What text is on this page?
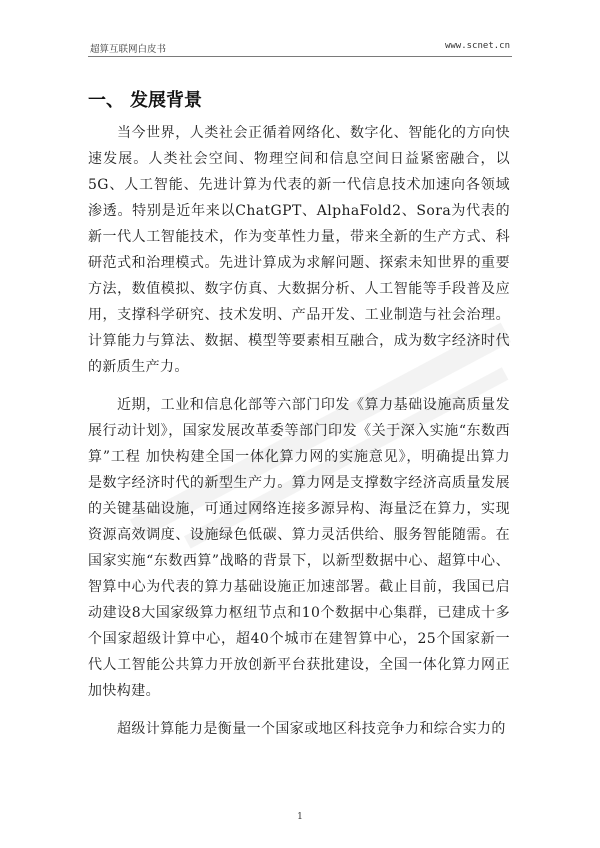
超算互联网白皮书	www.scnet.cn
一、 发展背景

当今世界，人类社会正循着网络化、数字化、智能化的方向快速发展。人类社会空间、物理空间和信息空间日益紧密融合，以5G、人工智能、先进计算为代表的新一代信息技术加速向各领域渗透。特别是近年来以ChatGPT、AlphaFold2、Sora为代表的新一代人工智能技术，作为变革性力量，带来全新的生产方式、科研范式和治理模式。先进计算成为求解问题、探索未知世界的重要方法，数值模拟、数字仿真、大数据分析、人工智能等手段普及应用，支撑科学研究、技术发明、产品开发、工业制造与社会治理。计算能力与算法、数据、模型等要素相互融合，成为数字经济时代的新质生产力。

近期，工业和信息化部等六部门印发《算力基础设施高质量发展行动计划》，国家发展改革委等部门印发《关于深入实施“东数西算”工程 加快构建全国一体化算力网的实施意见》，明确提出算力是数字经济时代的新型生产力。算力网是支撑数字经济高质量发展的关键基础设施，可通过网络连接多源异构、海量泛在算力，实现资源高效调度、设施绿色低碳、算力灵活供给、服务智能随需。在国家实施“东数西算”战略的背景下，以新型数据中心、超算中心、智算中心为代表的算力基础设施正加速部署。截止目前，我国已启动建设8大国家级算力枢纽节点和10个数据中心集群，已建成十多个国家超级计算中心，超40个城市在建智算中心，25个国家新一代人工智能公共算力开放创新平台获批建设，全国一体化算力网正加快构建。

超级计算能力是衡量一个国家或地区科技竞争力和综合实力的

1
